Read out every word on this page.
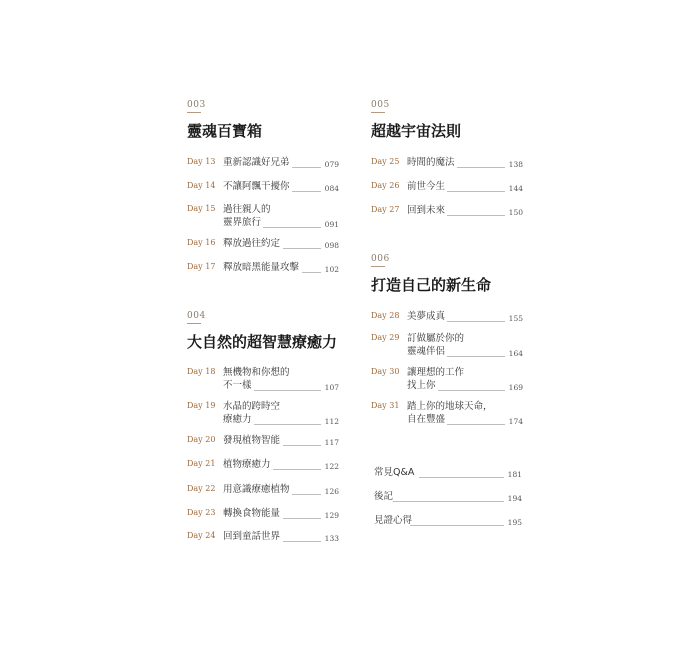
003
靈魂百寶箱
Day 13 重新認識好兄弟	079
Day 14 不讓阿飄干擾你	084
Day 15 過往親人的
靈界旅行	091
Day 16 釋放過往約定	098
Day 17 釋放暗黑能量攻擊	102
004
大自然的超智慧療癒力
Day 18 無機物和你想的
不一樣	107
Day 19 水晶的跨時空
療癒力	112
Day 20 發現植物智能	117
Day 21 植物療癒力	122
Day 22 用意識療癒植物	126
Day 23 轉換食物能量	129
Day 24 回到童話世界	133
005
超越宇宙法則
Day 25 時間的魔法	138
Day 26 前世今生	144
Day 27 回到未來	150
006
打造自己的新生命
Day 28 美夢成真	155
Day 29 訂做屬於你的
靈魂伴侶	164
Day 30 讓理想的工作
找上你	169
Day 31 踏上你的地球天命，
自在豐盛	174
常見Q&A	181
後記	194
見證心得	195
